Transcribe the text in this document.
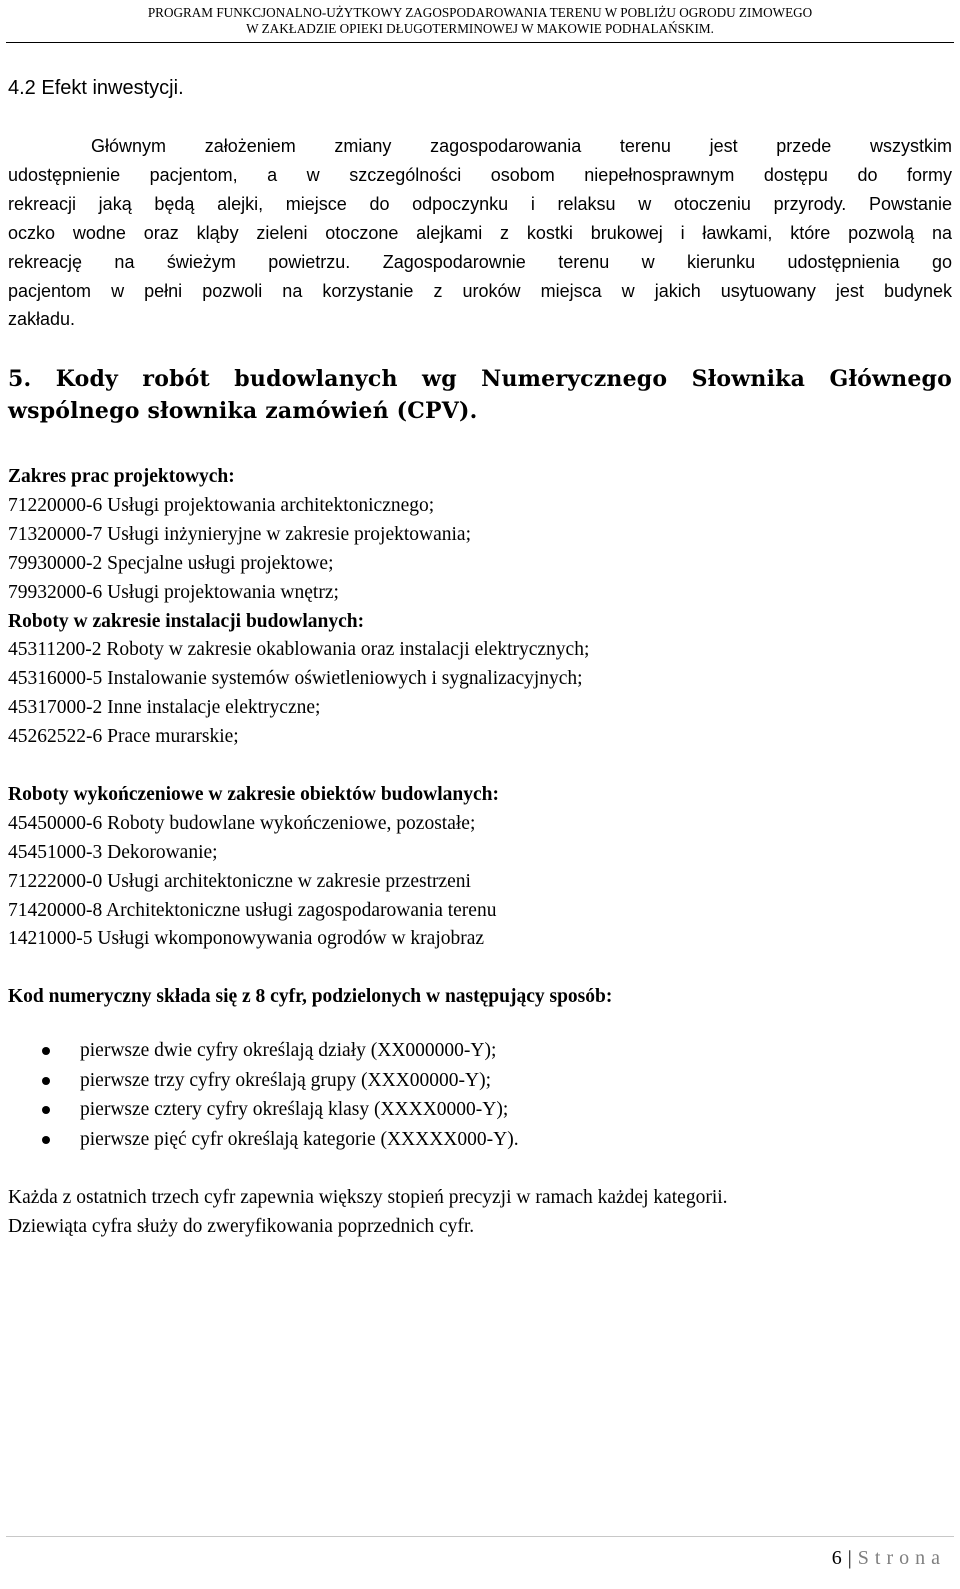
PROGRAM FUNKCJONALNO-UŻYTKOWY ZAGOSPODAROWANIA TERENU W POBLIŻU OGRODU ZIMOWEGO
W ZAKŁADZIE OPIEKI DŁUGOTERMINOWEJ W MAKOWIE PODHALAŃSKIM.
4.2 Efekt inwestycji.

Głównym założeniem zmiany zagospodarowania terenu jest przede wszystkim

udostępnienie pacjentom, a w szczególności osobom niepełnosprawnym dostępu do formy

rekreacji jaką będą alejki, miejsce do odpoczynku i relaksu w otoczeniu przyrody. Powstanie

oczko wodne oraz kląby zieleni otoczone alejkami z kostki brukowej i ławkami, które pozwolą na

rekreację na świeżym powietrzu. Zagospodarownie terenu w kierunku udostępnienia go

pacjentom w pełni pozwoli na korzystanie z uroków miejsca w jakich usytuowany jest budynek

zakładu.

5. Kody robót budowlanych wg Numerycznego Słownika Głównego
wspólnego słownika zamówień (CPV).
Zakres prac projektowych:
71220000-6 Usługi projektowania architektonicznego;
71320000-7 Usługi inżynieryjne w zakresie projektowania;
79930000-2 Specjalne usługi projektowe;
79932000-6 Usługi projektowania wnętrz;
Roboty w zakresie instalacji budowlanych:
45311200-2 Roboty w zakresie okablowania oraz instalacji elektrycznych;
45316000-5 Instalowanie systemów oświetleniowych i sygnalizacyjnych;
45317000-2 Inne instalacje elektryczne;
45262522-6 Prace murarskie;
Roboty wykończeniowe w zakresie obiektów budowlanych:
45450000-6 Roboty budowlane wykończeniowe, pozostałe;
45451000-3 Dekorowanie;
71222000-0 Usługi architektoniczne w zakresie przestrzeni
71420000-8 Architektoniczne usługi zagospodarowania terenu
1421000-5 Usługi wkomponowywania ogrodów w krajobraz
Kod numeryczny składa się z 8 cyfr, podzielonych w następujący sposób:
pierwsze dwie cyfry określają działy (XX000000-Y);
pierwsze trzy cyfry określają grupy (XXX00000-Y);
pierwsze cztery cyfry określają klasy (XXXX0000-Y);
pierwsze pięć cyfr określają kategorie (XXXXX000-Y).
Każda z ostatnich trzech cyfr zapewnia większy stopień precyzji w ramach każdej kategorii.
Dziewiąta cyfra służy do zweryfikowania poprzednich cyfr.
6 | Strona
